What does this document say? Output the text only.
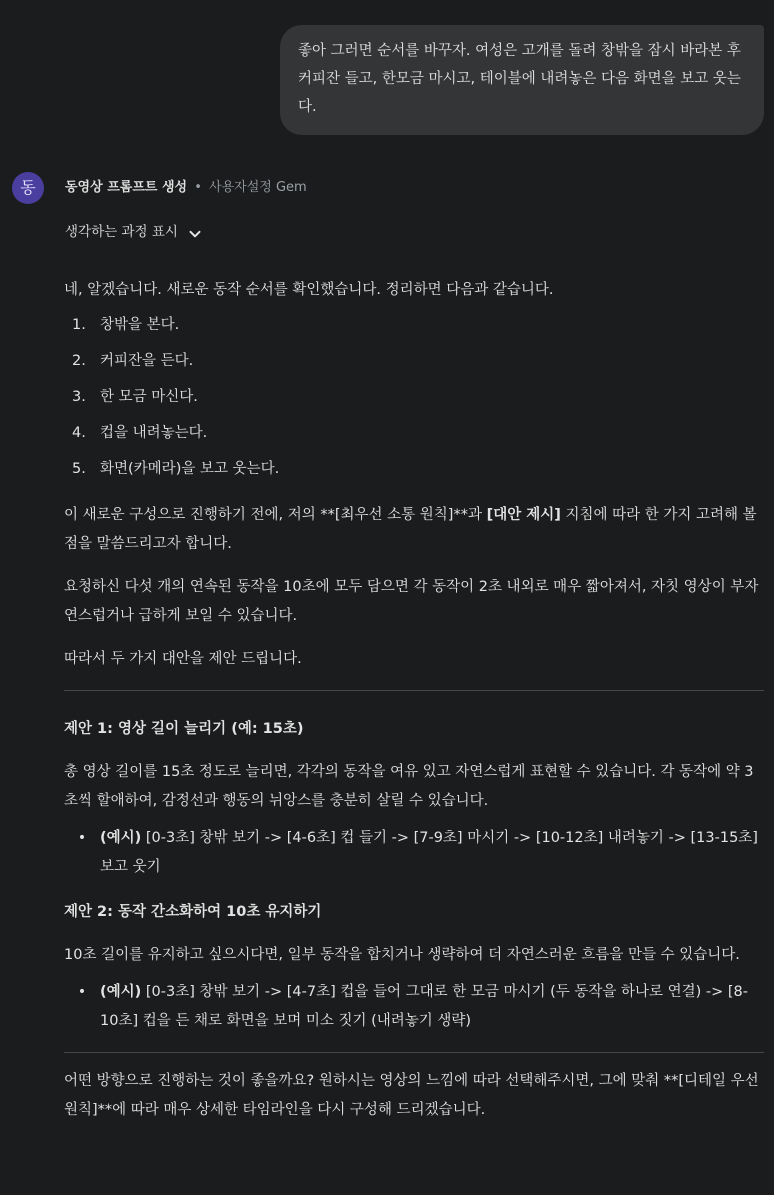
좋아 그러면 순서를 바꾸자. 여성은 고개를 돌려 창밖을 잠시 바라본 후 커피잔 들고, 한모금 마시고, 테이블에 내려놓은 다음 화면을 보고 웃는다.
동	동영상 프롬프트 생성 • 사용자설정 Gem
생각하는 과정 표시

네, 알겠습니다. 새로운 동작 순서를 확인했습니다. 정리하면 다음과 같습니다.

1. 창밖을 본다.
2. 커피잔을 든다.
3. 한 모금 마신다.
4. 컵을 내려놓는다.
5. 화면(카메라)을 보고 웃는다.

이 새로운 구성으로 진행하기 전에, 저의 **[최우선 소통 원칙]**과 [대안 제시] 지침에 따라 한 가지 고려해 볼 점을 말씀드리고자 합니다.

요청하신 다섯 개의 연속된 동작을 10초에 모두 담으면 각 동작이 2초 내외로 매우 짧아져서, 자칫 영상이 부자연스럽거나 급하게 보일 수 있습니다.

따라서 두 가지 대안을 제안 드립니다.

제안 1: 영상 길이 늘리기 (예: 15초)

총 영상 길이를 15초 정도로 늘리면, 각각의 동작을 여유 있고 자연스럽게 표현할 수 있습니다. 각 동작에 약 3초씩 할애하여, 감정선과 행동의 뉘앙스를 충분히 살릴 수 있습니다.

• (예시) [0-3초] 창밖 보기 -> [4-6초] 컵 들기 -> [7-9초] 마시기 -> [10-12초] 내려놓기 -> [13-15초] 보고 웃기
제안 2: 동작 간소화하여 10초 유지하기

10초 길이를 유지하고 싶으시다면, 일부 동작을 합치거나 생략하여 더 자연스러운 흐름을 만들 수 있습니다.

• (예시) [0-3초] 창밖 보기 -> [4-7초] 컵을 들어 그대로 한 모금 마시기 (두 동작을 하나로 연결) -> [8-10초] 컵을 든 채로 화면을 보며 미소 짓기 (내려놓기 생략)

어떤 방향으로 진행하는 것이 좋을까요? 원하시는 영상의 느낌에 따라 선택해주시면, 그에 맞춰 **[디테일 우선 원칙]**에 따라 매우 상세한 타임라인을 다시 구성해 드리겠습니다.
